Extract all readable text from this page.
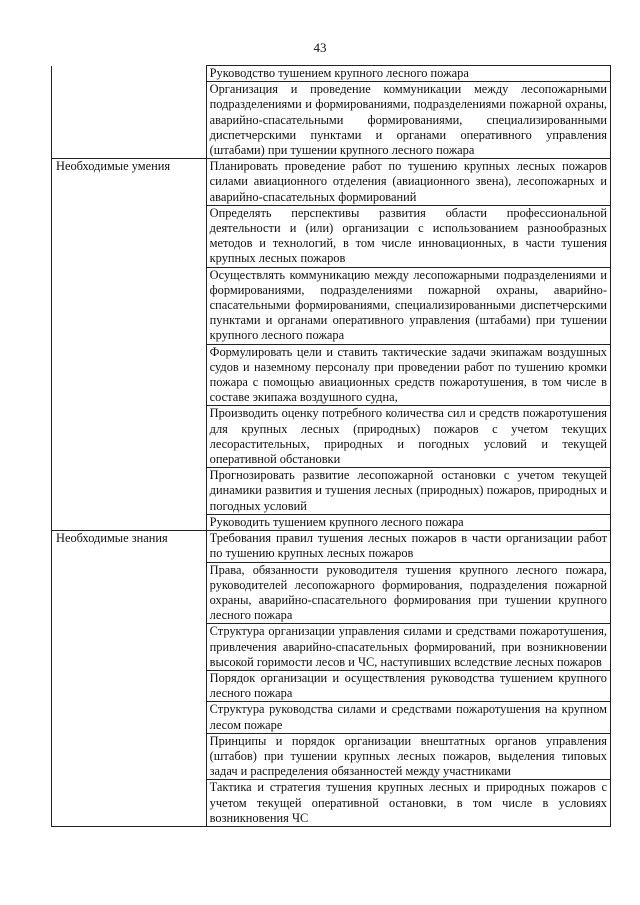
43
	Руководство тушением крупного лесного пожара
	Организация и проведение коммуникации между лесопожарными подразделениями и формированиями, подразделениями пожарной охраны, аварийно-спасательными формированиями, специализированными диспетчерскими пунктами и органами оперативного управления (штабами) при тушении крупного лесного пожара
Необходимые умения	Планировать проведение работ по тушению крупных лесных пожаров силами авиационного отделения (авиационного звена), лесопожарных и аварийно-спасательных формирований
	Определять перспективы развития области профессиональной деятельности и (или) организации с использованием разнообразных методов и технологий, в том числе инновационных, в части тушения крупных лесных пожаров
	Осуществлять коммуникацию между лесопожарными подразделениями и формированиями, подразделениями пожарной охраны, аварийно-спасательными формированиями, специализированными диспетчерскими пунктами и органами оперативного управления (штабами) при тушении крупного лесного пожара
	Формулировать цели и ставить тактические задачи экипажам воздушных судов и наземному персоналу при проведении работ по тушению кромки пожара с помощью авиационных средств пожаротушения, в том числе в составе экипажа воздушного судна,
	Производить оценку потребного количества сил и средств пожаротушения для крупных лесных (природных) пожаров с учетом текущих лесорастительных, природных и погодных условий и текущей оперативной обстановки
	Прогнозировать развитие лесопожарной остановки с учетом текущей динамики развития и тушения лесных (природных) пожаров, природных и погодных условий
	Руководить тушением крупного лесного пожара
Необходимые знания	Требования правил тушения лесных пожаров в части организации работ по тушению крупных лесных пожаров
	Права, обязанности руководителя тушения крупного лесного пожара, руководителей лесопожарного формирования, подразделения пожарной охраны, аварийно-спасательного формирования при тушении крупного лесного пожара
	Структура организации управления силами и средствами пожаротушения, привлечения аварийно-спасательных формирований, при возникновении высокой горимости лесов и ЧС, наступивших вследствие лесных пожаров
	Порядок организации и осуществления руководства тушением крупного лесного пожара
	Структура руководства силами и средствами пожаротушения на крупном лесом пожаре
	Принципы и порядок организации внештатных органов управления (штабов) при тушении крупных лесных пожаров, выделения типовых задач и распределения обязанностей между участниками
	Тактика и стратегия тушения крупных лесных и природных пожаров с учетом текущей оперативной остановки, в том числе в условиях возникновения ЧС
